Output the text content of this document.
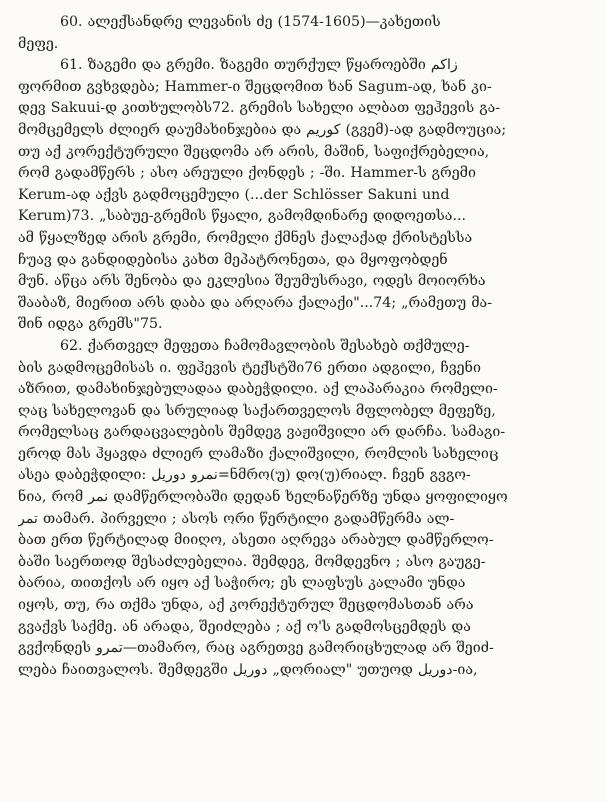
60. ალექსანდრე ლევანის ძე (1574-1605)—კახეთის
მეფე.

61. ზაგემი და გრემი. ზაგემი თურქულ წყაროებში زاکم
ფორმით გვხვდება; Hammer-ი შეცდომით ხან Sagum-ად, ხან კი-
დევ Sakuui-დ კითხულობს72. გრემის სახელი ალბათ ფეჰევის გა-
მომცემელს ძლიერ დაუმახინჯებია და کوریم (გვემ)-ად გადმოუცია;
თუ აქ კორექტურული შეცდომა არ არის, მაშინ, საფიქრებელია,
რომ გადამწერს ; ასო არეული ქონდეს ; -ში. Hammer-ს გრემი
Kerum-ად აქვს გადმოცემული (...der Schlösser Sakuni und
Kerum)73. „საბუე-გრემის წყალი, გამომდინარე დიდოეთსა...
ამ წყალზედ არის გრემი, რომელი ქმნეს ქალაქად ქრისტესსა
ჩუავ და განდიდებისა კახთ მეპატრონეთა, და მყოფობდენ
მუნ. აწცა არს შენობა და ეკლესია შეუმუსრავი, ოდეს მოიორხა
შააბაზ, მიერით არს დაბა და არღარა ქალაქი"...74; „რამეთუ მა-
შინ იდგა გრემს"75.

62. ქართველ მეფეთა ჩამომავლობის შესახებ თქმულე-
ბის გადმოცემისას ი. ფეჰევის ტექსტში76 ერთი ადგილი, ჩვენი
აზრით, დამახინჯებულადაა დაბეჭდილი. აქ ლაპარაკია რომელი-
ღაც სახელოვან და სრულიად საქართველოს მფლობელ მეფეზე,
რომელსაც გარდაცვალების შემდეგ ვაჟიშვილი არ დარჩა. სამაგი-
ეროდ მას ჰყავდა ძლიერ ლამაზი ქალიშვილი, რომლის სახელიც
ასეა დაბეჭდილი: نمرو دوريل=ნმრო(უ) დო(უ)რიალ. ჩვენ გვგო-
ნია, რომ نمر დამწერლობაში დედან ხელნაწერზე უნდა ყოფილიყო
تمر თამარ. პირველი ; ასოს ორი წერტილი გადამწერმა ალ-
ბათ ერთ წერტილად მიიღო, ასეთი აღრევა არაბულ დამწერლო-
ბაში საერთოდ შესაძლებელია. შემდეგ, მომდევნო ; ასო გაუგე-
ბარია, თითქოს არ იყო აქ საჭირო; ეს ლაფსუს კალამი უნდა
იყოს, თუ, რა თქმა უნდა, აქ კორექტურულ შეცდომასთან არა
გვაქვს საქმე. ან არადა, შეიძლება ; აქ ო'ს გადმოსცემდეს და
გვქონდეს تمرو—თამარო, რაც აგრეთვე გამორიცხულად არ შეიძ-
ლება ჩაითვალოს. შემდეგში دوريل „დორიალ" უთუოდ دوريل-ია,
